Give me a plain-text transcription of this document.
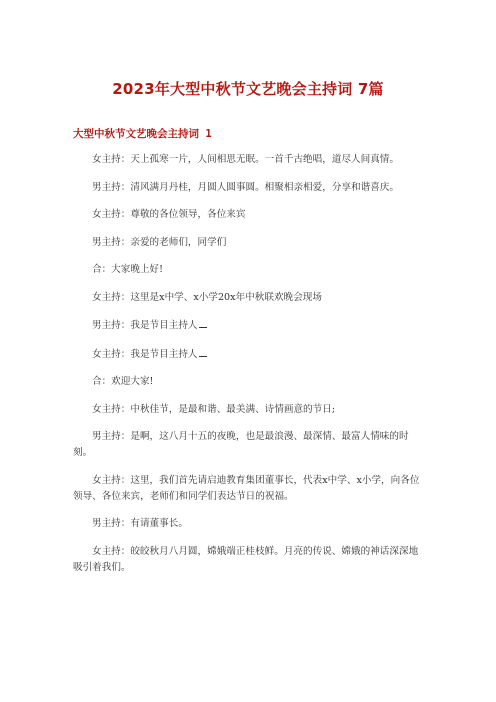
2023年大型中秋节文艺晚会主持词 7篇
大型中秋节文艺晚会主持词 1

女主持：天上孤寒一片，人间相思无眠。一首千古绝唱，道尽人间真情。

男主持：清风满月丹桂，月圆人圆事圆。相聚相亲相爱，分享和谐喜庆。

女主持：尊敬的各位领导，各位来宾

男主持：亲爱的老师们，同学们

合：大家晚上好!

女主持：这里是x中学、x小学20x年中秋联欢晚会现场

男主持：我是节目主持人

女主持：我是节目主持人

合：欢迎大家!

女主持：中秋佳节，是最和谐、最美满、诗情画意的节日;

男主持：是啊，这八月十五的夜晚，也是最浪漫、最深情、最富人情味的时刻。

女主持：这里，我们首先请启迪教育集团董事长，代表x中学、x小学，向各位领导、各位来宾，老师们和同学们表达节日的祝福。

男主持：有请董事长。

女主持：皎皎秋月八月圆，嫦娥端正桂枝鲜。月亮的传说、嫦娥的神话深深地吸引着我们。
